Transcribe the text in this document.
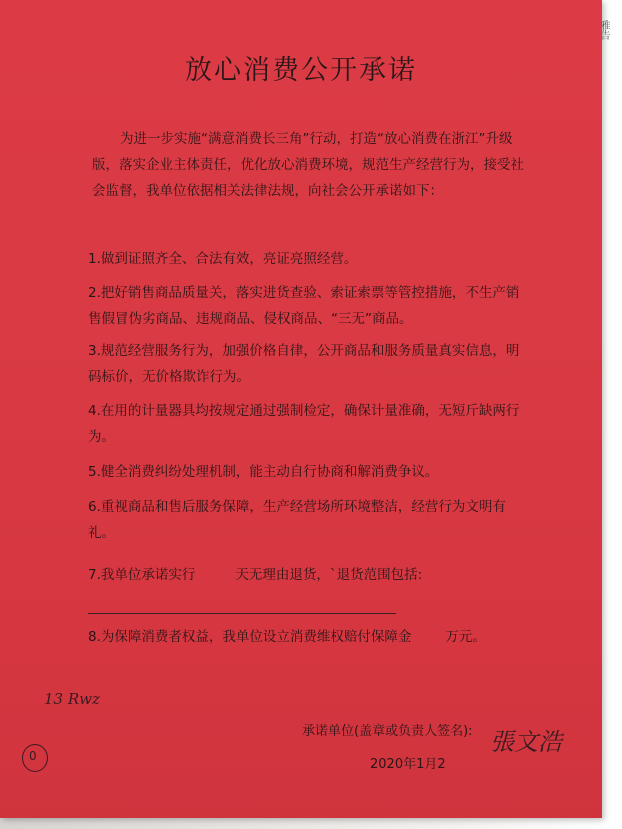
放心消费公开承诺
为进一步实施“满意消费长三角”行动，打造“放心消费在浙江”升级版，落实企业主体责任，优化放心消费环境，规范生产经营行为，接受社会监督，我单位依据相关法律法规，向社会公开承诺如下：
1.做到证照齐全、合法有效，亮证亮照经营。
2.把好销售商品质量关，落实进货查验、索证索票等管控措施，不生产销售假冒伪劣商品、违规商品、侵权商品、“三无”商品。
3.规范经营服务行为，加强价格自律，公开商品和服务质量真实信息，明码标价，无价格欺诈行为。
4.在用的计量器具均按规定通过强制检定，确保计量准确，无短斤缺两行为。
5.健全消费纠纷处理机制，能主动自行协商和解消费争议。
6.重视商品和售后服务保障，生产经营场所环境整洁，经营行为文明有礼。
7.我单位承诺实行	天无理由退货，`退货范围包括:
8.为保障消费者权益，我单位设立消费维权赔付保障金	万元。
13 Rwz
0
承诺单位(盖章或负责人签名): 張文浩
2020年1月2
雅告
